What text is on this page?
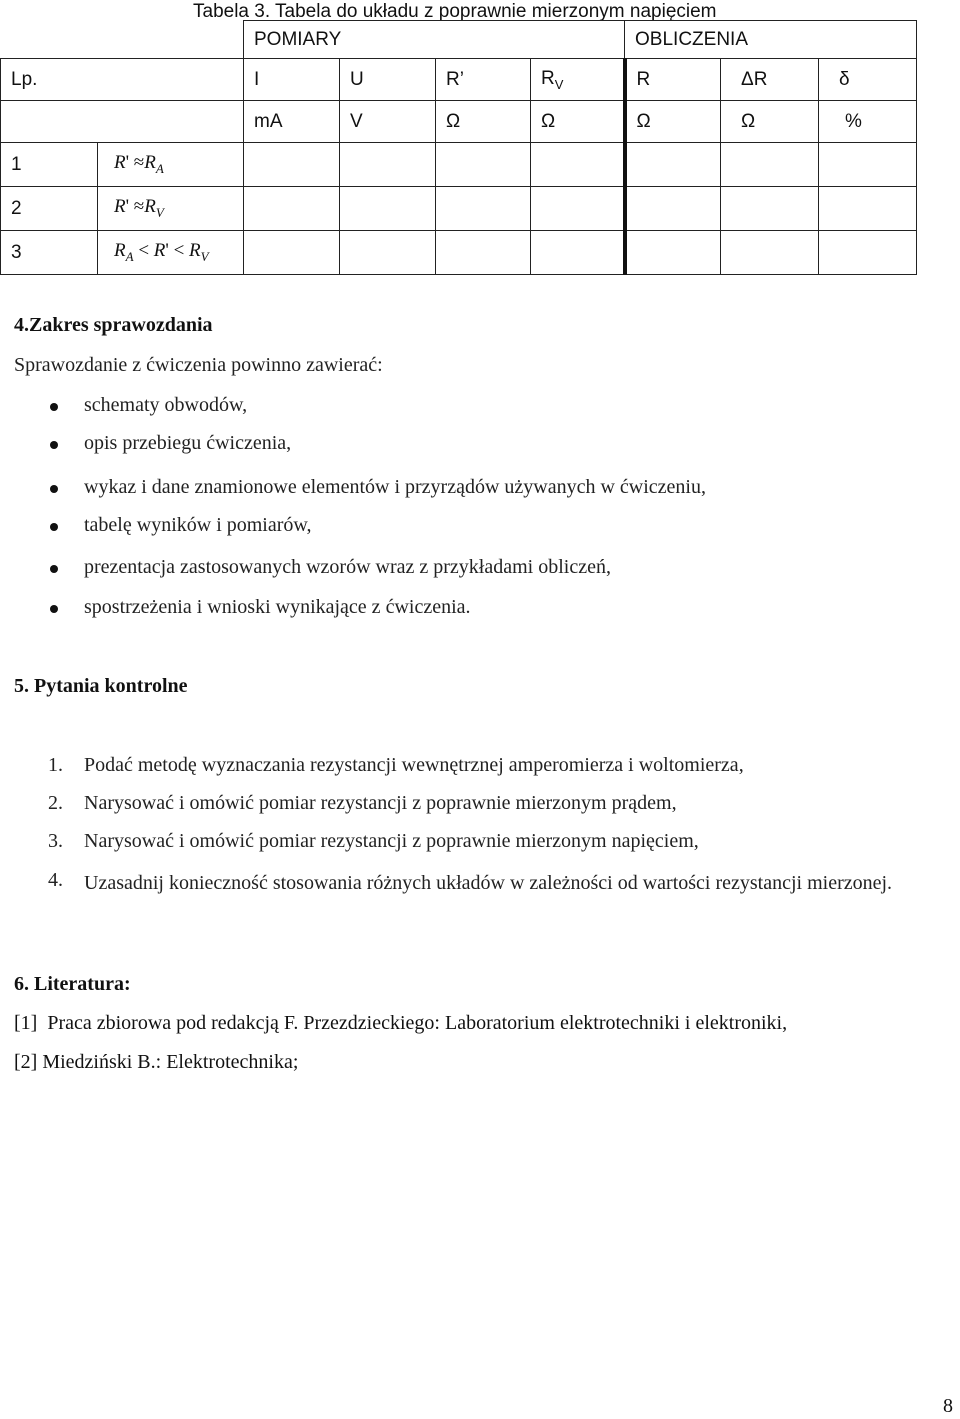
Tabela 3. Tabela do układu z poprawnie mierzonym napięciem
		POMIARY				OBLICZENIA		
Lp.		I	U	R’	$R_V$	R	ΔR	δ
		mA	V	Ω	Ω	Ω	Ω	%
1	$R' \approx R_A$							
2	$R' \approx R_V$							
3	$R_A < R' < R_V$							
4.Zakres sprawozdania
Sprawozdanie z ćwiczenia powinno zawierać:
schematy obwodów,
opis przebiegu ćwiczenia,
wykaz i dane znamionowe elementów i przyrządów używanych w ćwiczeniu,
tabelę wyników i pomiarów,
prezentacja zastosowanych wzorów wraz z przykładami obliczeń,
spostrzeżenia i wnioski wynikające z ćwiczenia.
5. Pytania kontrolne
1. Podać metodę wyznaczania rezystancji wewnętrznej amperomierza i woltomierza,
2. Narysować i omówić pomiar rezystancji z poprawnie mierzonym prądem,
3. Narysować i omówić pomiar rezystancji z poprawnie mierzonym napięciem,
4. Uzasadnij konieczność stosowania różnych układów w zależności od wartości rezystancji mierzonej.
6. Literatura:
[1]  Praca zbiorowa pod redakcją F. Przezdzieckiego: Laboratorium elektrotechniki i elektroniki,
[2] Miedziński B.: Elektrotechnika;
8
